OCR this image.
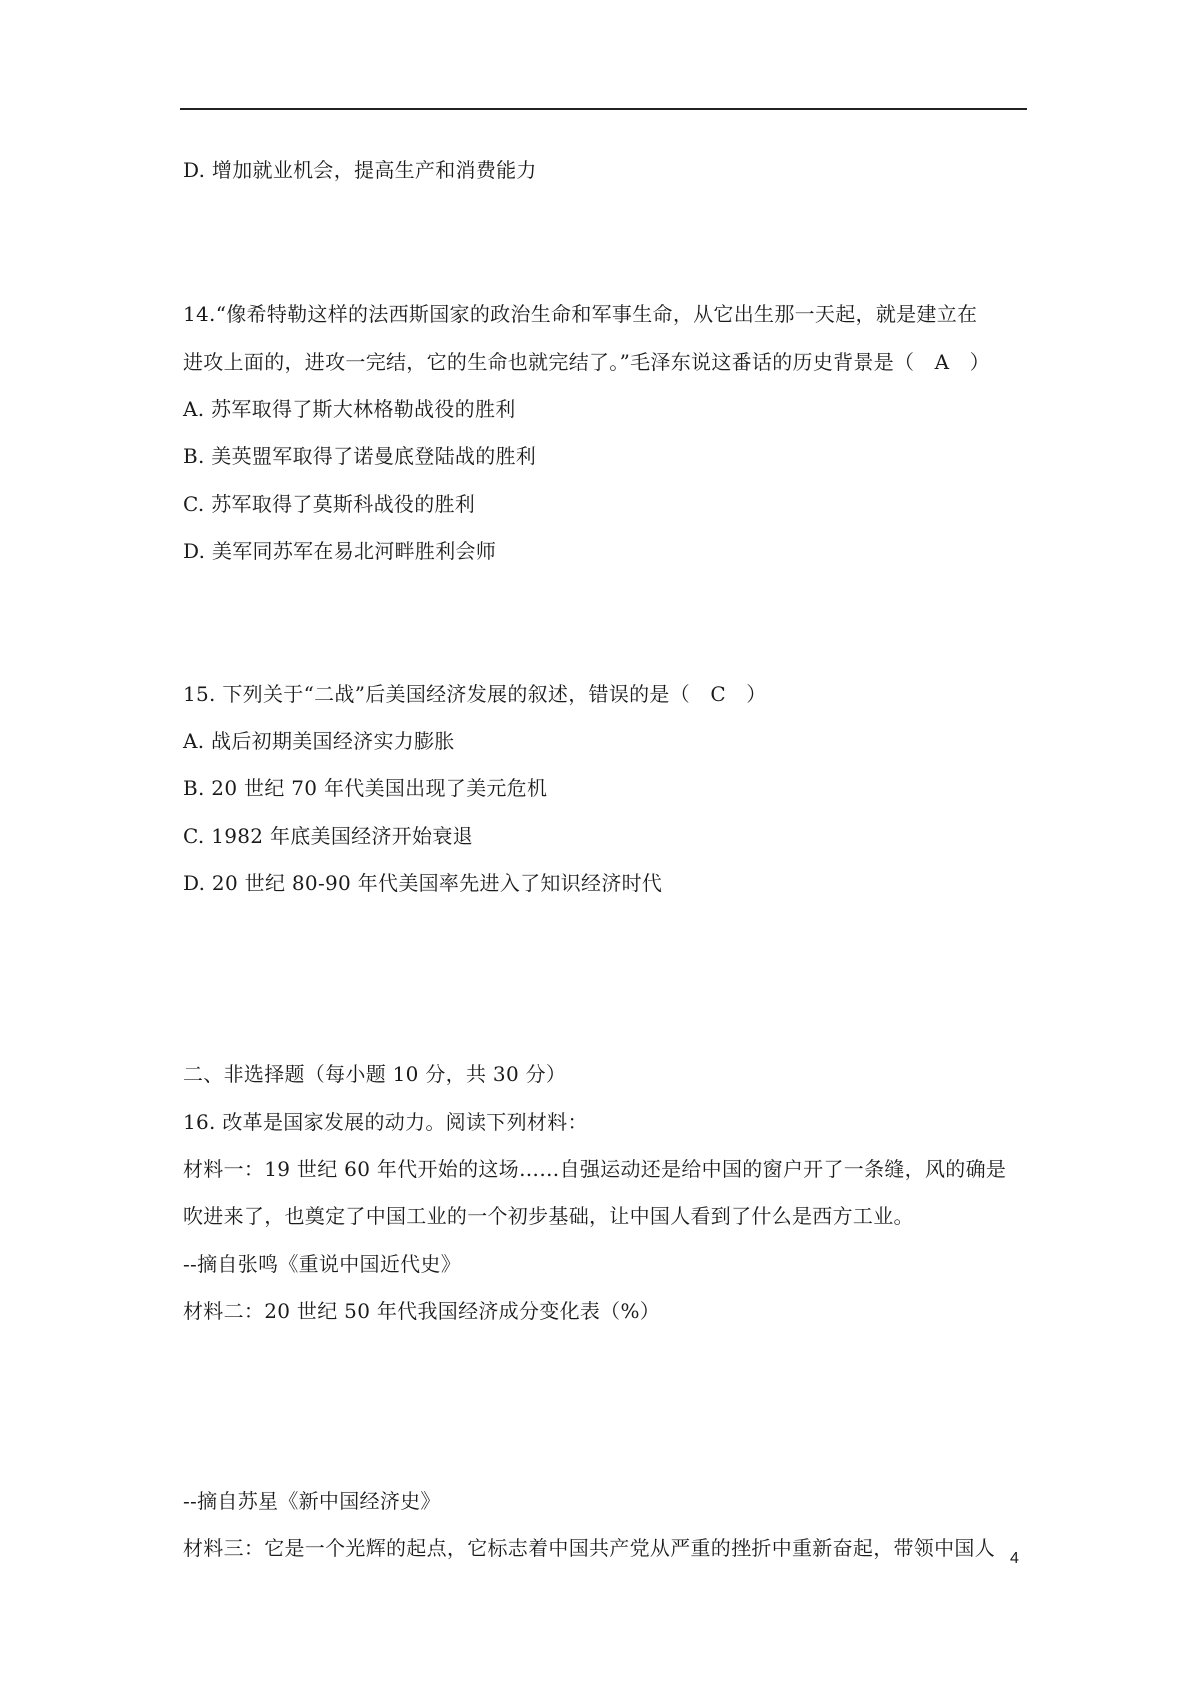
D. 增加就业机会，提高生产和消费能力
14.“像希特勒这样的法西斯国家的政治生命和军事生命，从它出生那一天起，就是建立在
进攻上面的，进攻一完结，它的生命也就完结了。”毛泽东说这番话的历史背景是（　A　）
A. 苏军取得了斯大林格勒战役的胜利
B. 美英盟军取得了诺曼底登陆战的胜利
C. 苏军取得了莫斯科战役的胜利
D. 美军同苏军在易北河畔胜利会师
15. 下列关于“二战”后美国经济发展的叙述，错误的是（　C　）
A. 战后初期美国经济实力膨胀
B. 20 世纪 70 年代美国出现了美元危机
C. 1982 年底美国经济开始衰退
D. 20 世纪 80-90 年代美国率先进入了知识经济时代
二、非选择题（每小题 10 分，共 30 分）
16. 改革是国家发展的动力。阅读下列材料：
材料一：19 世纪 60 年代开始的这场……自强运动还是给中国的窗户开了一条缝，风的确是
吹进来了，也奠定了中国工业的一个初步基础，让中国人看到了什么是西方工业。
--摘自张鸣《重说中国近代史》
材料二：20 世纪 50 年代我国经济成分变化表（%）
--摘自苏星《新中国经济史》
材料三：它是一个光辉的起点，它标志着中国共产党从严重的挫折中重新奋起，带领中国人 4
